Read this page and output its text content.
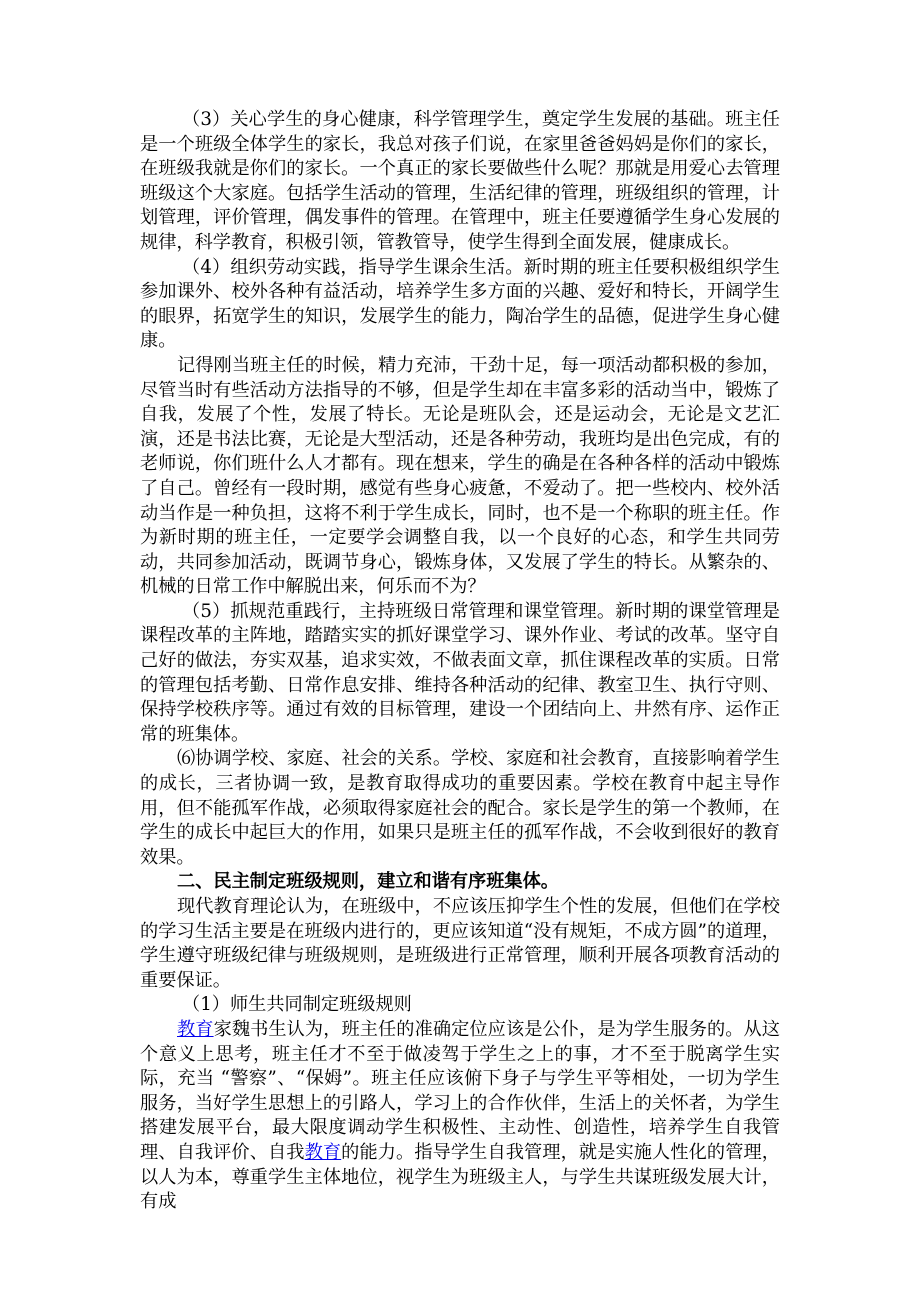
（3）关心学生的身心健康，科学管理学生，奠定学生发展的基础。班主任是一个班级全体学生的家长，我总对孩子们说，在家里爸爸妈妈是你们的家长，在班级我就是你们的家长。一个真正的家长要做些什么呢？那就是用爱心去管理班级这个大家庭。包括学生活动的管理，生活纪律的管理，班级组织的管理，计划管理，评价管理，偶发事件的管理。在管理中，班主任要遵循学生身心发展的规律，科学教育，积极引领，管教管导，使学生得到全面发展，健康成长。

（4）组织劳动实践，指导学生课余生活。新时期的班主任要积极组织学生参加课外、校外各种有益活动，培养学生多方面的兴趣、爱好和特长，开阔学生的眼界，拓宽学生的知识，发展学生的能力，陶冶学生的品德，促进学生身心健康。

记得刚当班主任的时候，精力充沛，干劲十足，每一项活动都积极的参加，尽管当时有些活动方法指导的不够，但是学生却在丰富多彩的活动当中，锻炼了自我，发展了个性，发展了特长。无论是班队会，还是运动会，无论是文艺汇演，还是书法比赛，无论是大型活动，还是各种劳动，我班均是出色完成，有的老师说，你们班什么人才都有。现在想来，学生的确是在各种各样的活动中锻炼了自己。曾经有一段时期，感觉有些身心疲惫，不爱动了。把一些校内、校外活动当作是一种负担，这将不利于学生成长，同时，也不是一个称职的班主任。作为新时期的班主任，一定要学会调整自我，以一个良好的心态，和学生共同劳动，共同参加活动，既调节身心，锻炼身体，又发展了学生的特长。从繁杂的、机械的日常工作中解脱出来，何乐而不为？

（5）抓规范重践行，主持班级日常管理和课堂管理。新时期的课堂管理是课程改革的主阵地，踏踏实实的抓好课堂学习、课外作业、考试的改革。坚守自己好的做法，夯实双基，追求实效，不做表面文章，抓住课程改革的实质。日常的管理包括考勤、日常作息安排、维持各种活动的纪律、教室卫生、执行守则、保持学校秩序等。通过有效的目标管理，建设一个团结向上、井然有序、运作正常的班集体。

⑹协调学校、家庭、社会的关系。学校、家庭和社会教育，直接影响着学生的成长，三者协调一致，是教育取得成功的重要因素。学校在教育中起主导作用，但不能孤军作战，必须取得家庭社会的配合。家长是学生的第一个教师，在学生的成长中起巨大的作用，如果只是班主任的孤军作战，不会收到很好的教育效果。

二、民主制定班级规则，建立和谐有序班集体。

现代教育理论认为，在班级中，不应该压抑学生个性的发展，但他们在学校的学习生活主要是在班级内进行的，更应该知道“没有规矩，不成方圆”的道理，学生遵守班级纪律与班级规则，是班级进行正常管理，顺利开展各项教育活动的重要保证。

（1）师生共同制定班级规则

教育家魏书生认为，班主任的准确定位应该是公仆，是为学生服务的。从这个意义上思考，班主任才不至于做凌驾于学生之上的事，才不至于脱离学生实际，充当 “警察”、“保姆”。班主任应该俯下身子与学生平等相处，一切为学生服务，当好学生思想上的引路人，学习上的合作伙伴，生活上的关怀者，为学生搭建发展平台，最大限度调动学生积极性、主动性、创造性，培养学生自我管理、自我评价、自我教育的能力。指导学生自我管理，就是实施人性化的管理，以人为本，尊重学生主体地位，视学生为班级主人，与学生共谋班级发展大计，有成
